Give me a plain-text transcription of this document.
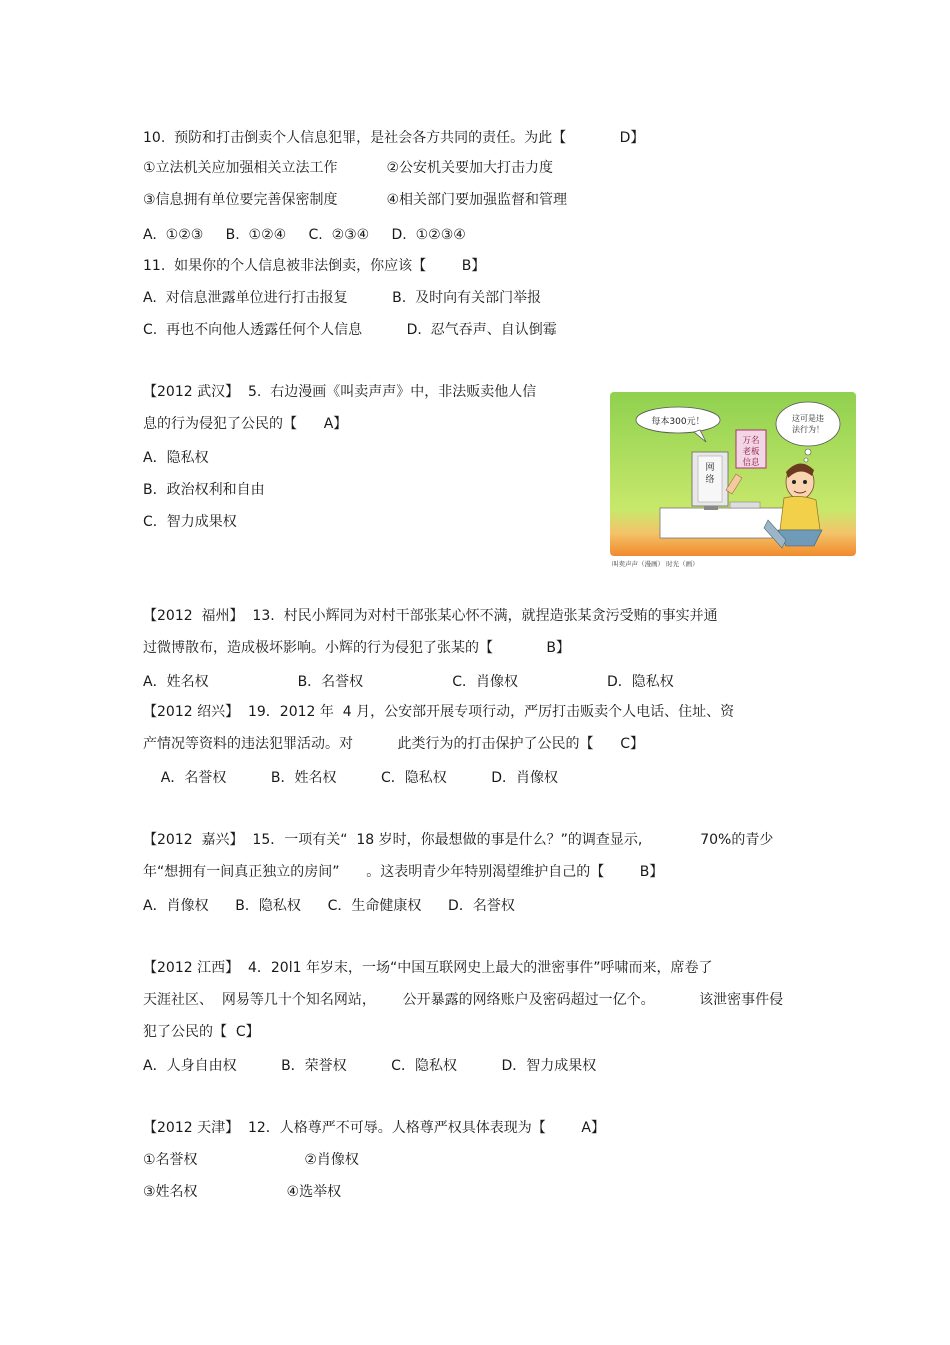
10.  预防和打击倒卖个人信息犯罪，是社会各方共同的责任。为此【            D】
①立法机关应加强相关立法工作           ②公安机关要加大打击力度
③信息拥有单位要完善保密制度           ④相关部门要加强监督和管理
A.  ①②③     B.  ①②④     C.  ②③④     D.  ①②③④
11.  如果你的个人信息被非法倒卖，你应该【        B】
A.  对信息泄露单位进行打击报复          B.  及时向有关部门举报
C.  再也不向他人透露任何个人信息          D.  忍气吞声、自认倒霉
【2012 武汉】  5.  右边漫画《叫卖声声》中，非法贩卖他人信
息的行为侵犯了公民的【      A】
A．隐私权
B．政治权利和自由
C．智力成果权
每本300元！	这可是违
法行为！
网
络
万名
老板
信息
叫卖声声（漫画） 时光（画）
【2012  福州】  13.  村民小辉同为对村干部张某心怀不满，就捏造张某贪污受贿的事实并通
过微博散布，造成极坏影响。小辉的行为侵犯了张某的【            B】
A．姓名权                    B．名誉权                    C．肖像权                    D．隐私权
【2012 绍兴】  19．2012 年  4 月，公安部开展专项行动，严厉打击贩卖个人电话、住址、资
产情况等资料的违法犯罪活动。对          此类行为的打击保护了公民的【      C】
A．名誉权          B．姓名权          C．隐私权          D．肖像权
【2012  嘉兴】  15．一项有关“  18 岁时，你最想做的事是什么？”的调查显示,             70%的青少
年“想拥有一间真正独立的房间”      。这表明青少年特别渴望维护自己的【        B】
A．肖像权      B．隐私权      C．生命健康权      D．名誉权
【2012 江西】  4．20l1 年岁末，一场“中国互联网史上最大的泄密事件”呼啸而来，席卷了
天涯社区、  网易等几十个知名网站，      公开暴露的网络账户及密码超过一亿个。          该泄密事件侵
犯了公民的【  C】
A．人身自由权          B．荣誉权          C．隐私权          D．智力成果权
【2012 天津】  12．人格尊严不可辱。人格尊严权具体表现为【        A】
①名誉权                        ②肖像权
③姓名权                    ④选举权
